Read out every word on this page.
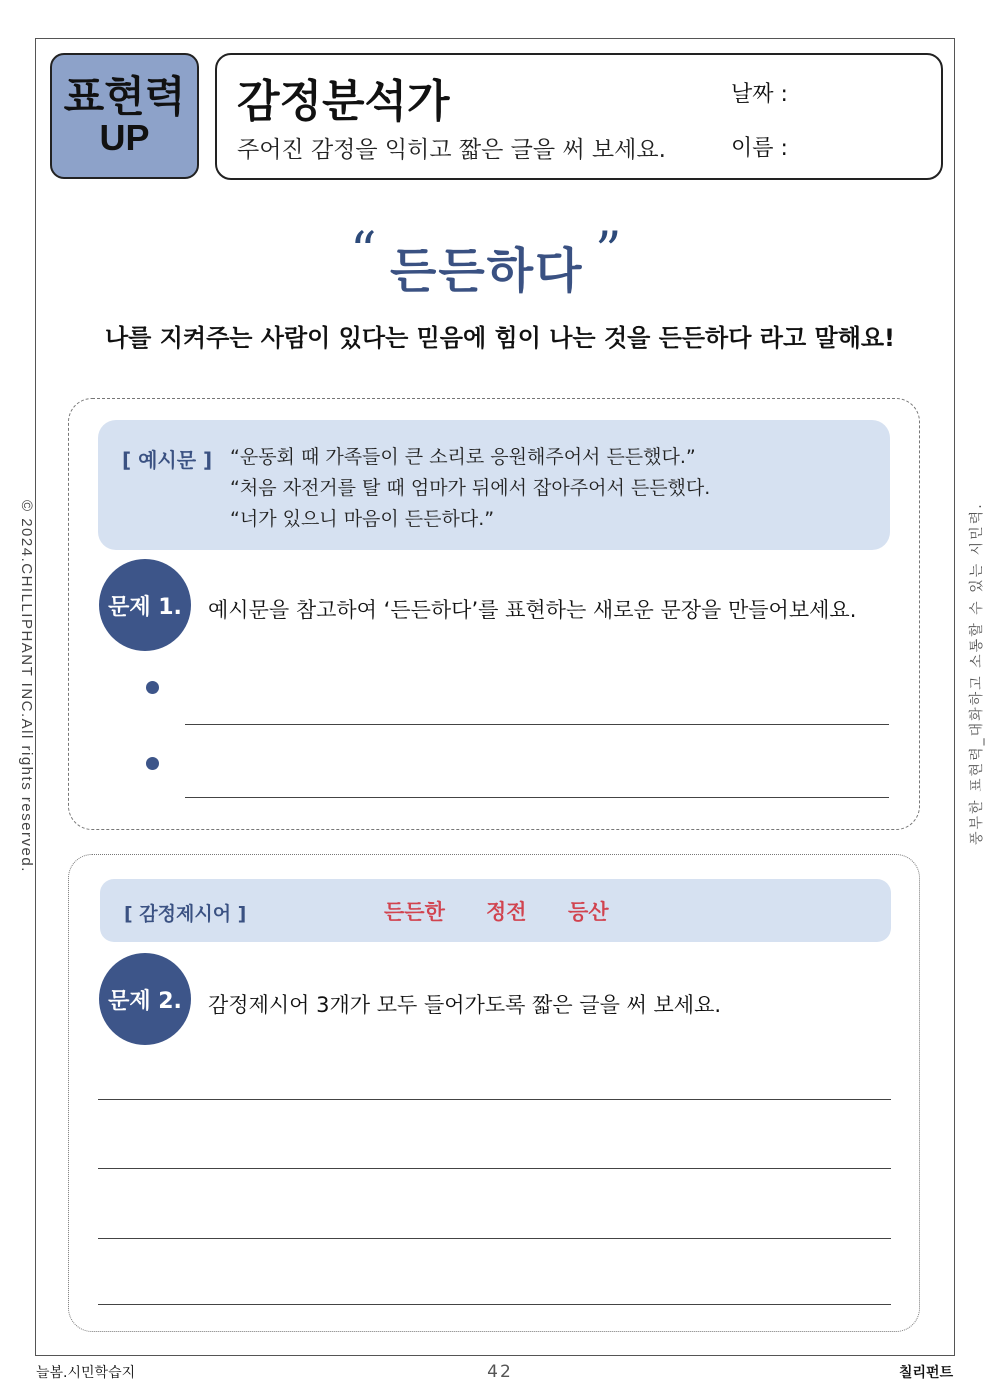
표현력
UP
감정분석가
주어진 감정을 익히고 짧은 글을 써 보세요.
날짜 :
이름 :
“ 든든하다 ”
나를 지켜주는 사람이 있다는 믿음에 힘이 나는 것을 든든하다 라고 말해요!
[ 예시문 ] “운동회 때 가족들이 큰 소리로 응원해주어서 든든했다.”
“처음 자전거를 탈 때 엄마가 뒤에서 잡아주어서 든든했다.
“너가 있으니 마음이 든든하다.”
문제 1.	예시문을 참고하여 ‘든든하다’를 표현하는 새로운 문장을 만들어보세요.
[ 감정제시어 ]	든든한 정전 등산
문제 2.	감정제시어 3개가 모두 들어가도록 짧은 글을 써 보세요.
© 2024.CHILLIPHANT INC.All rights reserved.	풍부한 표현력_대화하고 소통할 수 있는 시민력.
늘봄.시민학습지	42	칠리펀트
